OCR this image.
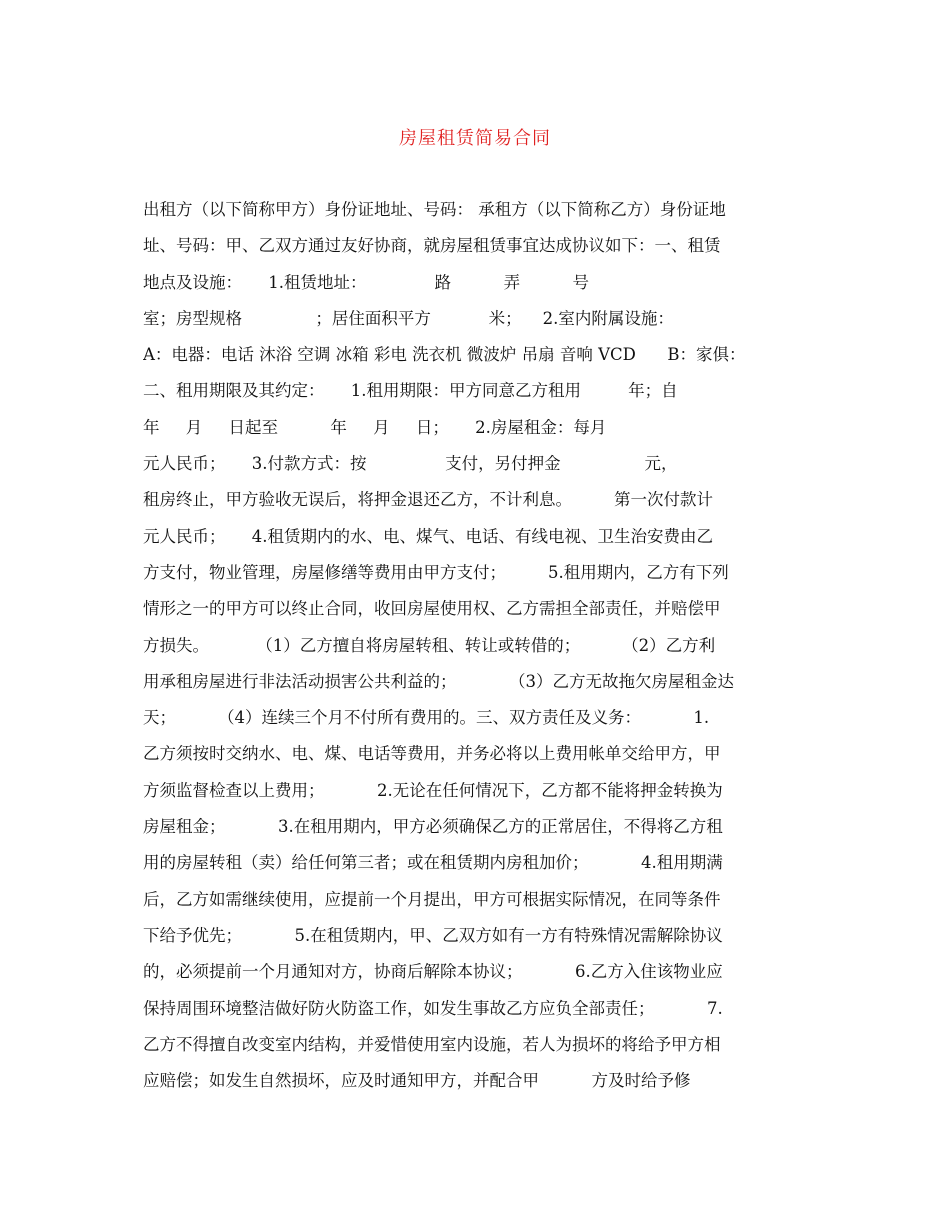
房屋租赁简易合同
出租方（以下简称甲方）身份证地址、号码： 承租方（以下简称乙方）身份证地
址、号码：甲、乙双方通过友好协商，就房屋租赁事宜达成协议如下：一、租赁
地点及设施：     1.租赁地址：             路          弄          号
室；房型规格              ；居住面积平方           米；    2.室内附属设施：
A：电器：电话 沐浴 空调 冰箱 彩电 洗衣机 微波炉 吊扇 音响 VCD      B：家俱：
二、租用期限及其约定：     1.租用期限：甲方同意乙方租用         年；自
年     月     日起至          年     月     日；     2.房屋租金：每月
元人民币；     3.付款方式：按               支付，另付押金                元，
租房终止，甲方验收无误后，将押金退还乙方，不计利息。        第一次付款计
元人民币；     4.租赁期内的水、电、煤气、电话、有线电视、卫生治安费由乙
方支付，物业管理，房屋修缮等费用由甲方支付；        5.租用期内，乙方有下列
情形之一的甲方可以终止合同，收回房屋使用权、乙方需担全部责任，并赔偿甲
方损失。         （1）乙方擅自将房屋转租、转让或转借的；        （2）乙方利
用承租房屋进行非法活动损害公共利益的；          （3）乙方无故拖欠房屋租金达
天；        （4）连续三个月不付所有费用的。三、双方责任及义务：          1.
乙方须按时交纳水、电、煤、电话等费用，并务必将以上费用帐单交给甲方，甲
方须监督检查以上费用；          2.无论在任何情况下，乙方都不能将押金转换为
房屋租金；          3.在租用期内，甲方必须确保乙方的正常居住，不得将乙方租
用的房屋转租（卖）给任何第三者；或在租赁期内房租加价；          4.租用期满
后，乙方如需继续使用，应提前一个月提出，甲方可根据实际情况，在同等条件
下给予优先；          5.在租赁期内，甲、乙双方如有一方有特殊情况需解除协议
的，必须提前一个月通知对方，协商后解除本协议；          6.乙方入住该物业应
保持周围环境整洁做好防火防盗工作，如发生事故乙方应负全部责任；          7.
乙方不得擅自改变室内结构，并爱惜使用室内设施，若人为损坏的将给予甲方相
应赔偿；如发生自然损坏，应及时通知甲方，并配合甲          方及时给予修
